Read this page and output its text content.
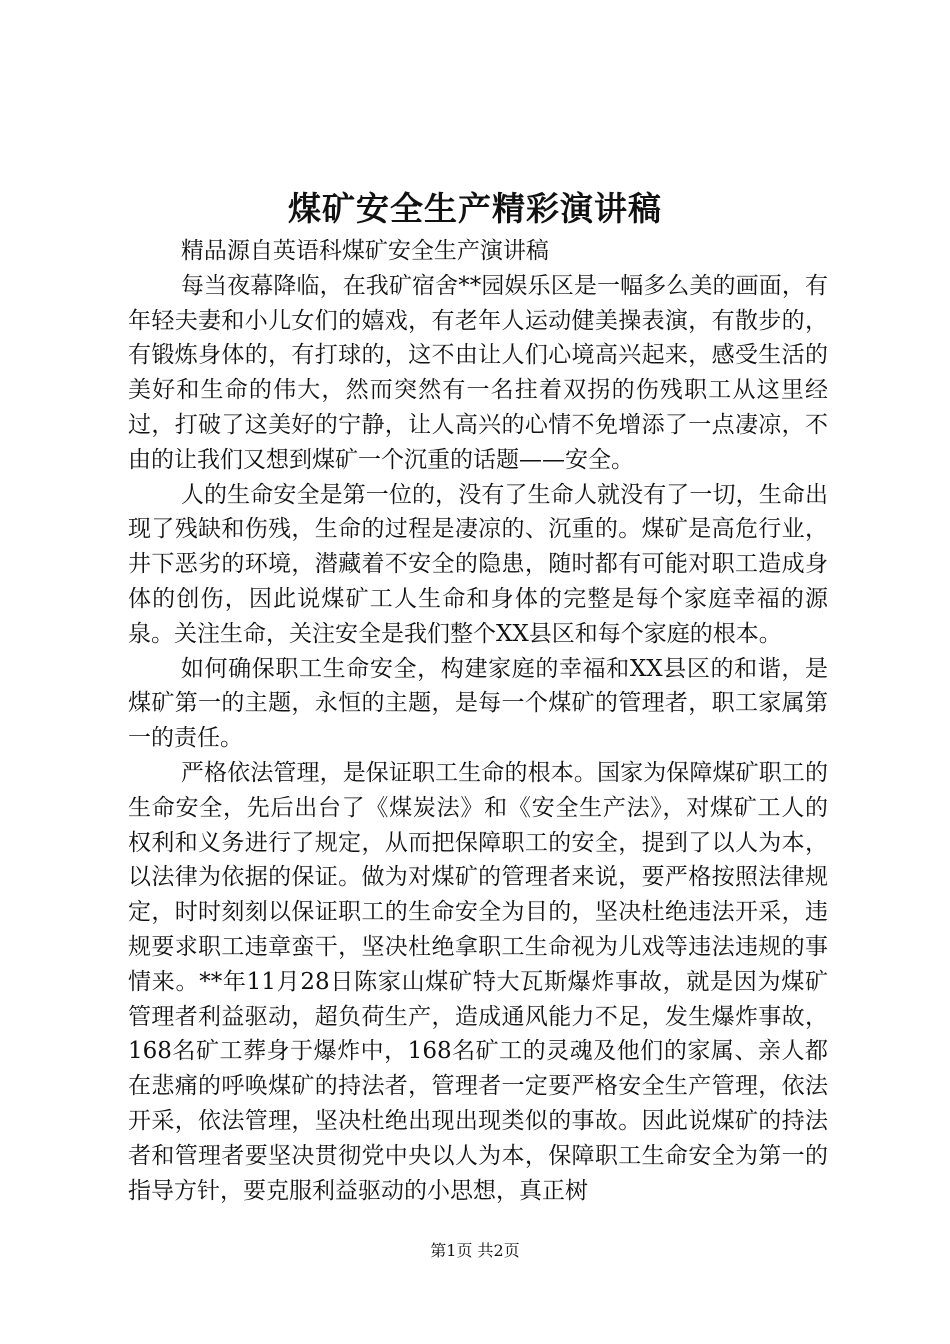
煤矿安全生产精彩演讲稿

精品源自英语科煤矿安全生产演讲稿

每当夜幕降临，在我矿宿舍**园娱乐区是一幅多么美的画面，有年轻夫妻和小儿女们的嬉戏，有老年人运动健美操表演，有散步的，有锻炼身体的，有打球的，这不由让人们心境高兴起来，感受生活的美好和生命的伟大，然而突然有一名拄着双拐的伤残职工从这里经过，打破了这美好的宁静，让人高兴的心情不免增添了一点凄凉，不由的让我们又想到煤矿一个沉重的话题——安全。

人的生命安全是第一位的，没有了生命人就没有了一切，生命出现了残缺和伤残，生命的过程是凄凉的、沉重的。煤矿是高危行业，井下恶劣的环境，潜藏着不安全的隐患，随时都有可能对职工造成身体的创伤，因此说煤矿工人生命和身体的完整是每个家庭幸福的源泉。关注生命，关注安全是我们整个XX县区和每个家庭的根本。

如何确保职工生命安全，构建家庭的幸福和XX县区的和谐，是煤矿第一的主题，永恒的主题，是每一个煤矿的管理者，职工家属第一的责任。

严格依法管理，是保证职工生命的根本。国家为保障煤矿职工的生命安全，先后出台了《煤炭法》和《安全生产法》，对煤矿工人的权利和义务进行了规定，从而把保障职工的安全，提到了以人为本，以法律为依据的保证。做为对煤矿的管理者来说，要严格按照法律规定，时时刻刻以保证职工的生命安全为目的，坚决杜绝违法开采，违规要求职工违章蛮干，坚决杜绝拿职工生命视为儿戏等违法违规的事情来。**年11月28日陈家山煤矿特大瓦斯爆炸事故，就是因为煤矿管理者利益驱动，超负荷生产，造成通风能力不足，发生爆炸事故，168名矿工葬身于爆炸中，168名矿工的灵魂及他们的家属、亲人都在悲痛的呼唤煤矿的持法者，管理者一定要严格安全生产管理，依法开采，依法管理，坚决杜绝出现出现类似的事故。因此说煤矿的持法者和管理者要坚决贯彻党中央以人为本，保障职工生命安全为第一的指导方针，要克服利益驱动的小思想，真正树

第1页 共2页
